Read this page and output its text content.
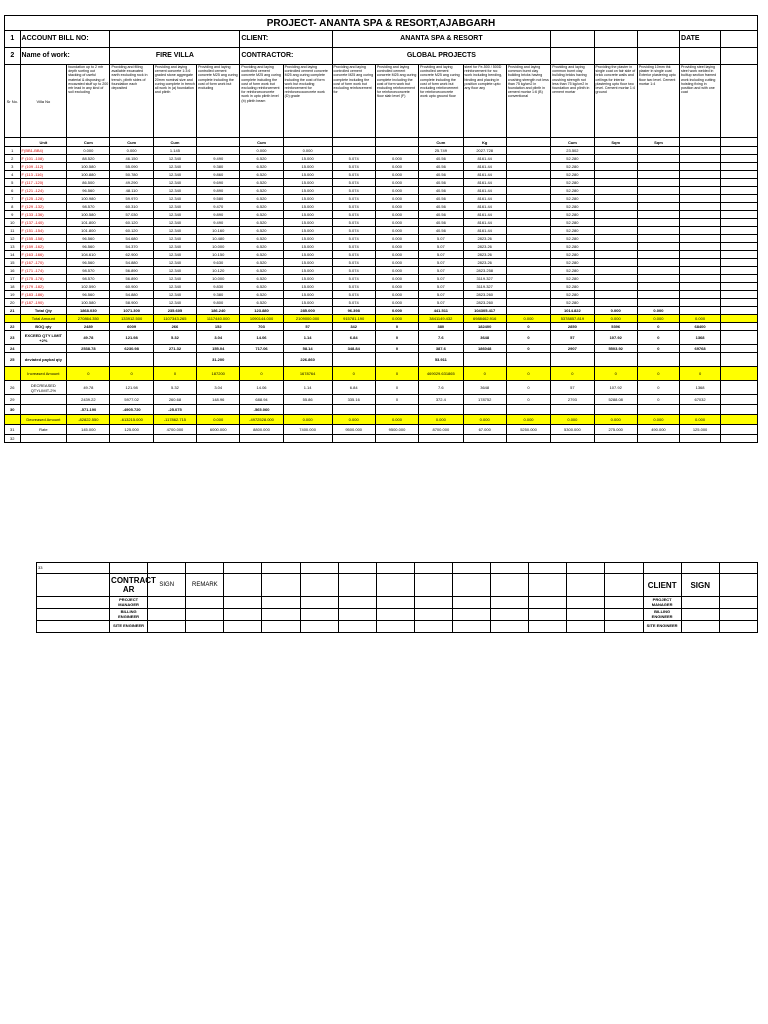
PROJECT- ANANTA SPA & RESORT,AJABGARH																	
1	ACCOUNT BILL NO:					CLIENT:		ANANTA SPA & RESORT								DATE	
2	Name of work:		FIRE VILLA			CONTRACTOR:		GLOBAL PROJECTS									
Sr No.	Villa No	foundation up to 2 mtr depth sorting out stacking of useful material & disposing of excavated stuff up to 200 mtr lead in any kind of soil excluding	Providing and filling available excavated earth excluding rock in trench, plinth sides of foundation each deposited	Providing and laying cement concrete 1:3:6 graded stone aggregate 20mm nominal size and curing complete in trench all work in (a) foundation and plinth	Providing and laying controlled cement concrete M25 ang curing complete including the cost of form work but excluding	Providing and laying controlled cement concrete M25 ang curing complete including the cost of form work but excluding reinforcement for reinforceconcrete work in upto plinth level (b) plinth beam	Providing and laying controlled cement concrete M25 ang curing complete including the cost of form work but excluding reinforcement for reinforcecoconcrete work (D) grade	Providing and laying controlled cement concrete M25 ang curing complete including the cost of form work but excluding reinforcement for	Providing and laying controlled cement concrete M25 ang curing complete including the cost of form work but excluding reinforcement for reinforceconcrete floor slab level (F)	Providing and laying controlled cement concrete M25 ang curing complete including the cost of form work but excluding reinforcement for reinforceconcrete work upto ground floor	steel for Fe-500 / 500D reinforcement for rcc work including bending, binding and placing in position complete upto any floor any	Providing and laying common burnt clay building bricks having crushing strength not less than 75 kg/cm2 in foundation and plinth in cement mortar 1:6 (B) conventional	Providing and laying common burnt clay building bricks having crushing strength not less than 75 kg/cm2 in foundation and plinth in cement mortar	Providing the plaster in single coat on fair side of brick concrete walls and ceilings for interior plastering upto floor two level. Cement mortar 1:4 ground	Providing 10mm thk plaster in single coat Exterior plastering upto floor two level. Cement mortar 1:4	Providing steel laying steel work welded in builtup section framed work including cutting hoisting fixing in position and with one coat	
	Unit	Cum	Cum	Cum		Cum				Cum	Kg		Cum	Sqm	Sqm		
1	F(BB1-BB4)	0.000	0.000	1.145		0.000	0.000			25.749	2027.728		23.502				
2	F (101 -108)	88.520	46.150	12.340	9.490	6.520	15.000	5.074	0.000	40.56	8161.44		52.280				
3	F (109 -112)	100.580	55.090	12.340	9.380	6.520	15.000	5.074	0.000	40.56	8161.44		52.280				
4	F (113 -116)	100.880	50.780	12.340	9.860	6.520	15.000	5.074	0.000	40.56	8161.44		52.280				
5	F (117 -120)	86.500	49.290	12.340	9.690	6.520	15.000	5.074	0.000	40.56	8161.44		52.280				
6	F (121 -124)	96.560	48.110	12.340	9.890	6.520	15.000	5.074	0.000	40.56	8161.44		52.280				
7	F (125 -128)	100.980	59.970	12.340	9.580	6.520	15.000	5.074	0.000	40.56	8161.44		52.280				
8	F (129 -132)	98.570	60.310	12.340	9.470	6.520	15.000	5.074	0.000	40.56	8161.44		52.280				
9	F (133 -136)	100.580	57.030	12.340	9.890	6.520	15.000	5.074	0.000	40.56	8161.44		52.280				
10	F (137 -140)	101.800	60.120	12.340	9.490	6.520	15.000	5.074	0.000	40.56	8161.44		52.280				
11	F (151 -154)	101.800	60.120	12.340	10.160	6.520	15.000	5.074	0.000	40.56	8161.44		52.280				
12	F (155 -158)	96.560	54.680	12.340	10.480	6.520	15.000	5.074	0.000	5.07	2823.26		52.280				
13	F (159 -162)	96.560	54.370	12.340	10.000	6.520	15.000	5.074	0.000	5.07	2823.26		52.280				
14	F (163 -166)	104.610	62.900	12.340	10.150	6.520	15.000	5.074	0.000	5.07	2823.26		52.280				
15	F (167 -170)	96.560	54.880	12.340	9.630	6.520	15.000	5.074	0.000	5.07	2823.26		52.280				
16	F (171 -174)	98.570	56.890	12.340	10.120	6.520	15.000	5.074	0.000	5.07	2823.258		52.280				
17	F (175 -178)	98.570	56.890	12.340	10.000	6.520	15.000	5.074	0.000	5.07	3119.327		52.280				
18	F (179 -182)	102.590	60.900	12.340	9.830	6.520	15.000	5.074	0.000	5.07	3119.327		52.280				
19	F (183 -186)	96.560	54.880	12.340	9.380	6.520	15.000	5.074	0.000	5.07	2823.260		52.280				
20	F (187 -190)	100.580	58.900	12.340	9.800	6.520	15.000	5.074	0.000	5.07	2823.260		52.280				
21	Total Qty	1868.030	1071.300	235.605	186.240	123.880	285.000	96.398	0.000	441.511	104305.417		1014.822	0.000	0.000		
	Total Amount	270864.350	133912.500	1107343.265	1117440.000	1090144.000	2109000.000	915781.190	0.000	3841149.432	6988462.916	0.000	5378857.819	0.000	0.000	0.000	
22	BOQ qty	2489	6009	266	152	703	57	342	0	380	182400	0	2850	5396	0	68400	
23	EXCEED QTY LIMIT +2%	49.78	121.98	5.32	3.04	14.06	1.14	6.84	0	7.6	3648	0	57	107.92	0	1368	
24		2538.78	6230.98	271.32	155.04	717.06	58.14	348.84	0	387.6	186048	0	2907	5503.92	0	69768	
25	deviated paybal qty				31.200		226.860			53.911							
	Increased Amount	0	0	0	187200	0	1678764	0	0	469029.631865	0	0	0	0	0	0	
26	DECREASED QTYLIMIT-2%	49.78	121.98	5.32	3.04	14.06	1.14	6.84	0	7.6	3648	0	57	107.92	0	1368	
29		2439.22	5977.02	260.68	148.96	688.94	55.86	335.16	0	372.4	178752	0	2793	5288.08	0	67032	
30		-571.190	-4905.720	-25.075		-565.060											
	Decreased Amount	-82822.550	-613215.000	-117862.715	0.000	-4972528.000	0.000	0.000	0.000	0.000	0.000	0.000	0.000	0.000	0.000	0.000	
31	Rate	145.000	125.000	4700.000	6000.000	8800.000	7400.000	9500.000	9500.000	8700.000	67.000	5250.000	5300.000	275.000	490.000	125.000	
32																	
33																	
	CONTRACT AR	SIGN	REMARK												CLIENT	SIGN	
	PROJECT MANAGER														PROJECT MANAGER		
	BILLING ENGINEER														BILLING ENGINEER		
	SITE ENGINEER														SITE ENGINEER		
